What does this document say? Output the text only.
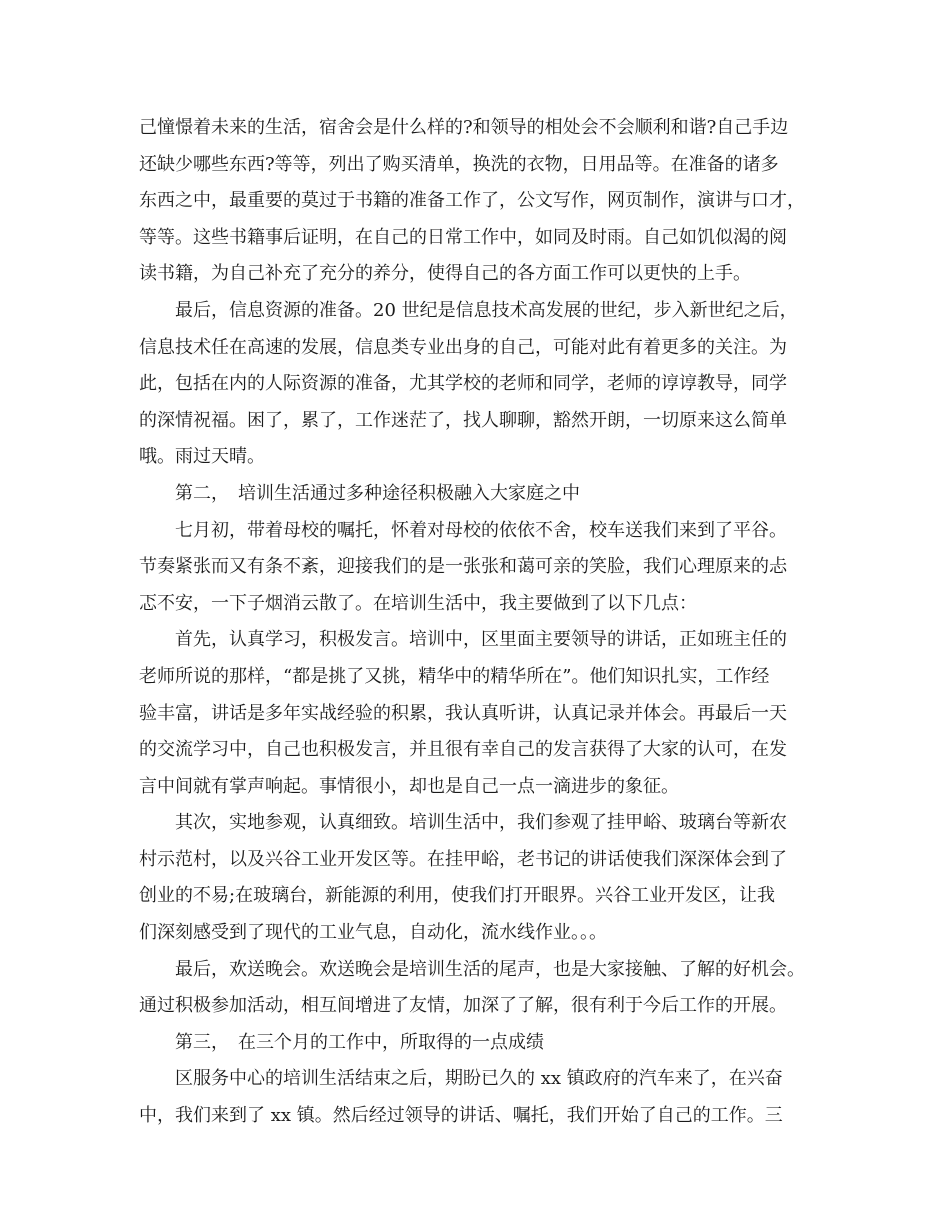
己憧憬着未来的生活，宿舍会是什么样的?和领导的相处会不会顺利和谐?自己手边
还缺少哪些东西?等等，列出了购买清单，换洗的衣物，日用品等。在准备的诸多
东西之中，最重要的莫过于书籍的准备工作了，公文写作，网页制作，演讲与口才，
等等。这些书籍事后证明，在自己的日常工作中，如同及时雨。自己如饥似渴的阅
读书籍，为自己补充了充分的养分，使得自己的各方面工作可以更快的上手。
　　最后，信息资源的准备。20 世纪是信息技术高发展的世纪，步入新世纪之后，
信息技术任在高速的发展，信息类专业出身的自己，可能对此有着更多的关注。为
此，包括在内的人际资源的准备，尤其学校的老师和同学，老师的谆谆教导，同学
的深情祝福。困了，累了，工作迷茫了，找人聊聊，豁然开朗，一切原来这么简单
哦。雨过天晴。
　　第二，　培训生活通过多种途径积极融入大家庭之中
　　七月初，带着母校的嘱托，怀着对母校的依依不舍，校车送我们来到了平谷。
节奏紧张而又有条不紊，迎接我们的是一张张和蔼可亲的笑脸，我们心理原来的忐
忑不安，一下子烟消云散了。在培训生活中，我主要做到了以下几点：
　　首先，认真学习，积极发言。培训中，区里面主要领导的讲话，正如班主任的
老师所说的那样，“都是挑了又挑，精华中的精华所在”。他们知识扎实，工作经
验丰富，讲话是多年实战经验的积累，我认真听讲，认真记录并体会。再最后一天
的交流学习中，自己也积极发言，并且很有幸自己的发言获得了大家的认可，在发
言中间就有掌声响起。事情很小，却也是自己一点一滴进步的象征。
　　其次，实地参观，认真细致。培训生活中，我们参观了挂甲峪、玻璃台等新农
村示范村，以及兴谷工业开发区等。在挂甲峪，老书记的讲话使我们深深体会到了
创业的不易;在玻璃台，新能源的利用，使我们打开眼界。兴谷工业开发区，让我
们深刻感受到了现代的工业气息，自动化，流水线作业。。。
　　最后，欢送晚会。欢送晚会是培训生活的尾声，也是大家接触、了解的好机会。
通过积极参加活动，相互间增进了友情，加深了了解，很有利于今后工作的开展。
　　第三，　在三个月的工作中，所取得的一点成绩
　　区服务中心的培训生活结束之后，期盼已久的 xx 镇政府的汽车来了，在兴奋
中，我们来到了 xx 镇。然后经过领导的讲话、嘱托，我们开始了自己的工作。三
